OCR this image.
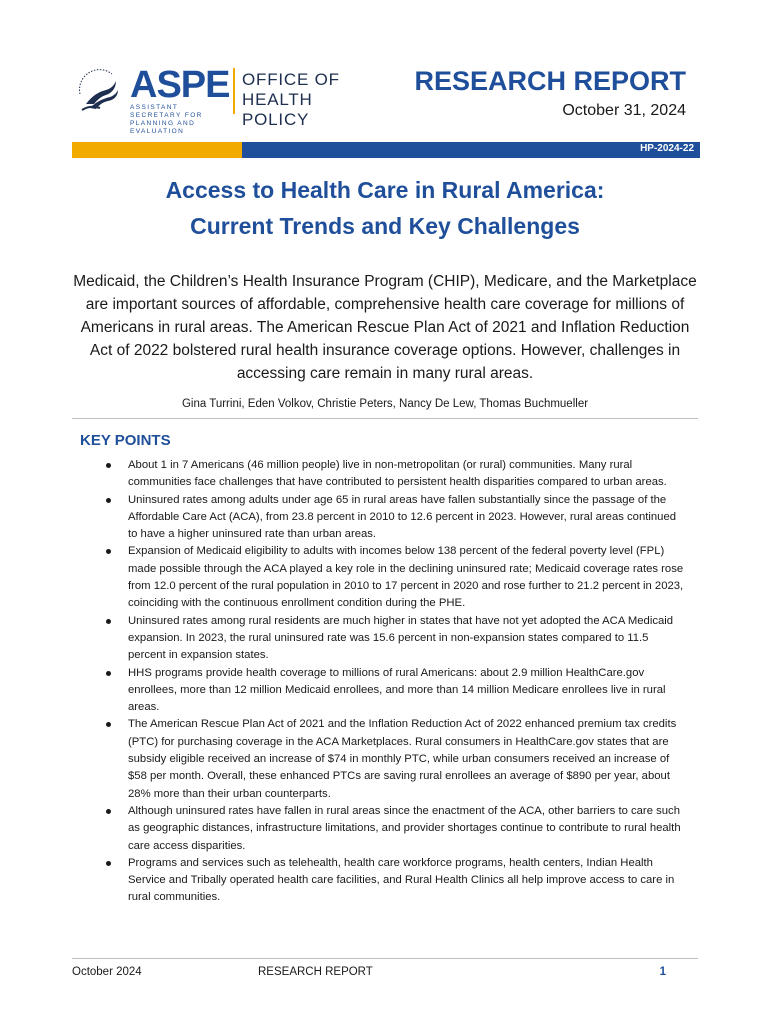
ASPE
ASSISTANT SECRETARY FOR PLANNING AND EVALUATION
OFFICE OF HEALTH POLICY
RESEARCH REPORT
October 31, 2024
HP-2024-22
Access to Health Care in Rural America:
Current Trends and Key Challenges
Medicaid, the Children’s Health Insurance Program (CHIP), Medicare, and the Marketplace are important sources of affordable, comprehensive health care coverage for millions of Americans in rural areas. The American Rescue Plan Act of 2021 and Inflation Reduction Act of 2022 bolstered rural health insurance coverage options. However, challenges in accessing care remain in many rural areas.
Gina Turrini, Eden Volkov, Christie Peters, Nancy De Lew, Thomas Buchmueller
KEY POINTS
About 1 in 7 Americans (46 million people) live in non-metropolitan (or rural) communities. Many rural communities face challenges that have contributed to persistent health disparities compared to urban areas.
Uninsured rates among adults under age 65 in rural areas have fallen substantially since the passage of the Affordable Care Act (ACA), from 23.8 percent in 2010 to 12.6 percent in 2023. However, rural areas continued to have a higher uninsured rate than urban areas.
Expansion of Medicaid eligibility to adults with incomes below 138 percent of the federal poverty level (FPL) made possible through the ACA played a key role in the declining uninsured rate; Medicaid coverage rates rose from 12.0 percent of the rural population in 2010 to 17 percent in 2020 and rose further to 21.2 percent in 2023, coinciding with the continuous enrollment condition during the PHE.
Uninsured rates among rural residents are much higher in states that have not yet adopted the ACA Medicaid expansion. In 2023, the rural uninsured rate was 15.6 percent in non-expansion states compared to 11.5 percent in expansion states.
HHS programs provide health coverage to millions of rural Americans: about 2.9 million HealthCare.gov enrollees, more than 12 million Medicaid enrollees, and more than 14 million Medicare enrollees live in rural areas.
The American Rescue Plan Act of 2021 and the Inflation Reduction Act of 2022 enhanced premium tax credits (PTC) for purchasing coverage in the ACA Marketplaces. Rural consumers in HealthCare.gov states that are subsidy eligible received an increase of $74 in monthly PTC, while urban consumers received an increase of $58 per month. Overall, these enhanced PTCs are saving rural enrollees an average of $890 per year, about 28% more than their urban counterparts.
Although uninsured rates have fallen in rural areas since the enactment of the ACA, other barriers to care such as geographic distances, infrastructure limitations, and provider shortages continue to contribute to rural health care access disparities.
Programs and services such as telehealth, health care workforce programs, health centers, Indian Health Service and Tribally operated health care facilities, and Rural Health Clinics all help improve access to care in rural communities.
October 2024	RESEARCH REPORT	1
